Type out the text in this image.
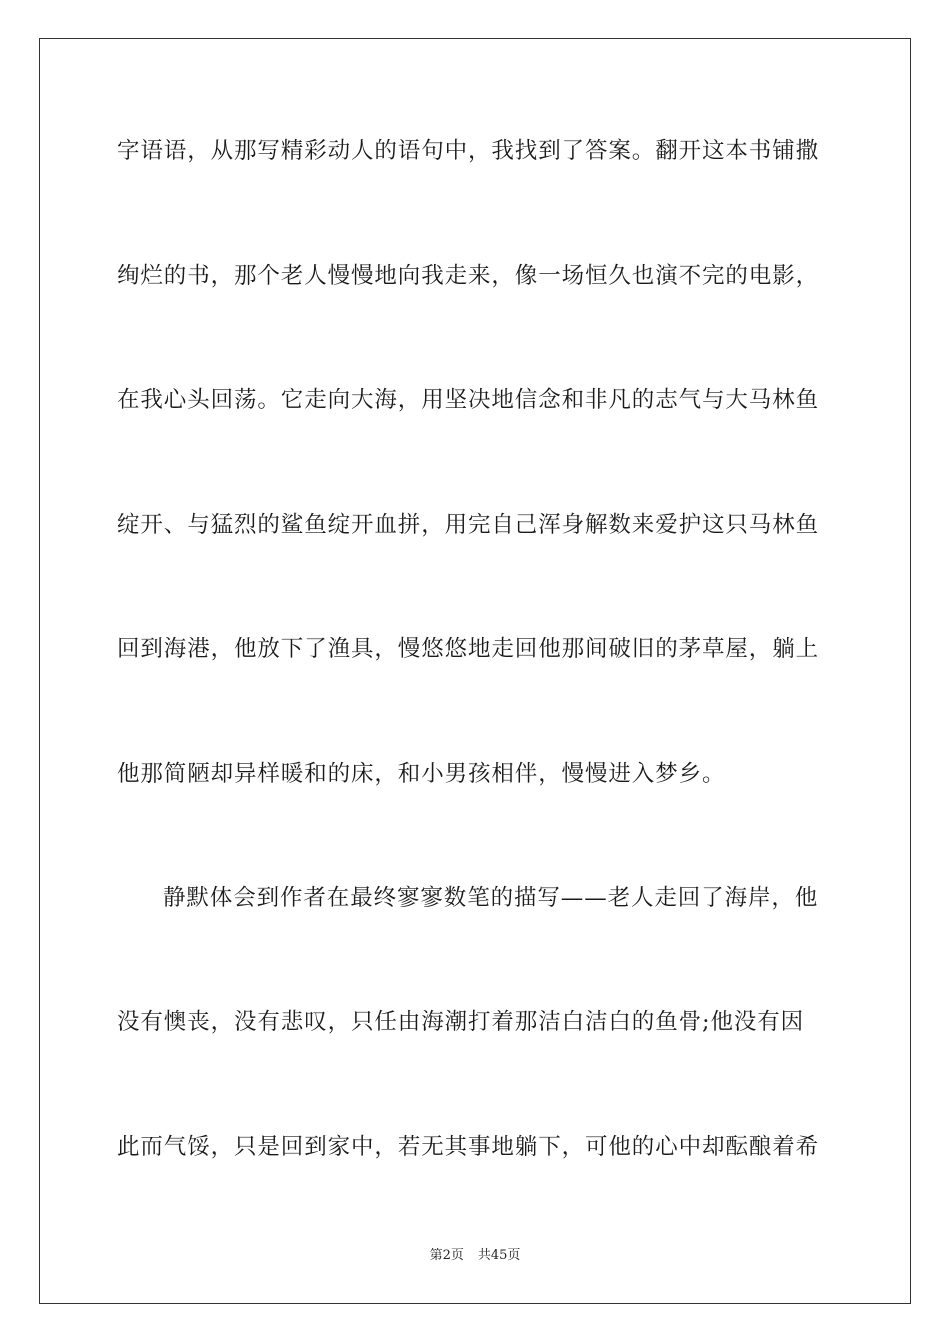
字语语，从那写精彩动人的语句中，我找到了答案。翻开这本书铺撒
绚烂的书，那个老人慢慢地向我走来，像一场恒久也演不完的电影，
在我心头回荡。它走向大海，用坚决地信念和非凡的志气与大马林鱼
绽开、与猛烈的鲨鱼绽开血拼，用完自己浑身解数来爱护这只马林鱼
回到海港，他放下了渔具，慢悠悠地走回他那间破旧的茅草屋，躺上
他那简陋却异样暖和的床，和小男孩相伴，慢慢进入梦乡。
静默体会到作者在最终寥寥数笔的描写——老人走回了海岸，他
没有懊丧，没有悲叹，只任由海潮打着那洁白洁白的鱼骨;他没有因
此而气馁，只是回到家中，若无其事地躺下，可他的心中却酝酿着希
第2页 共45页
